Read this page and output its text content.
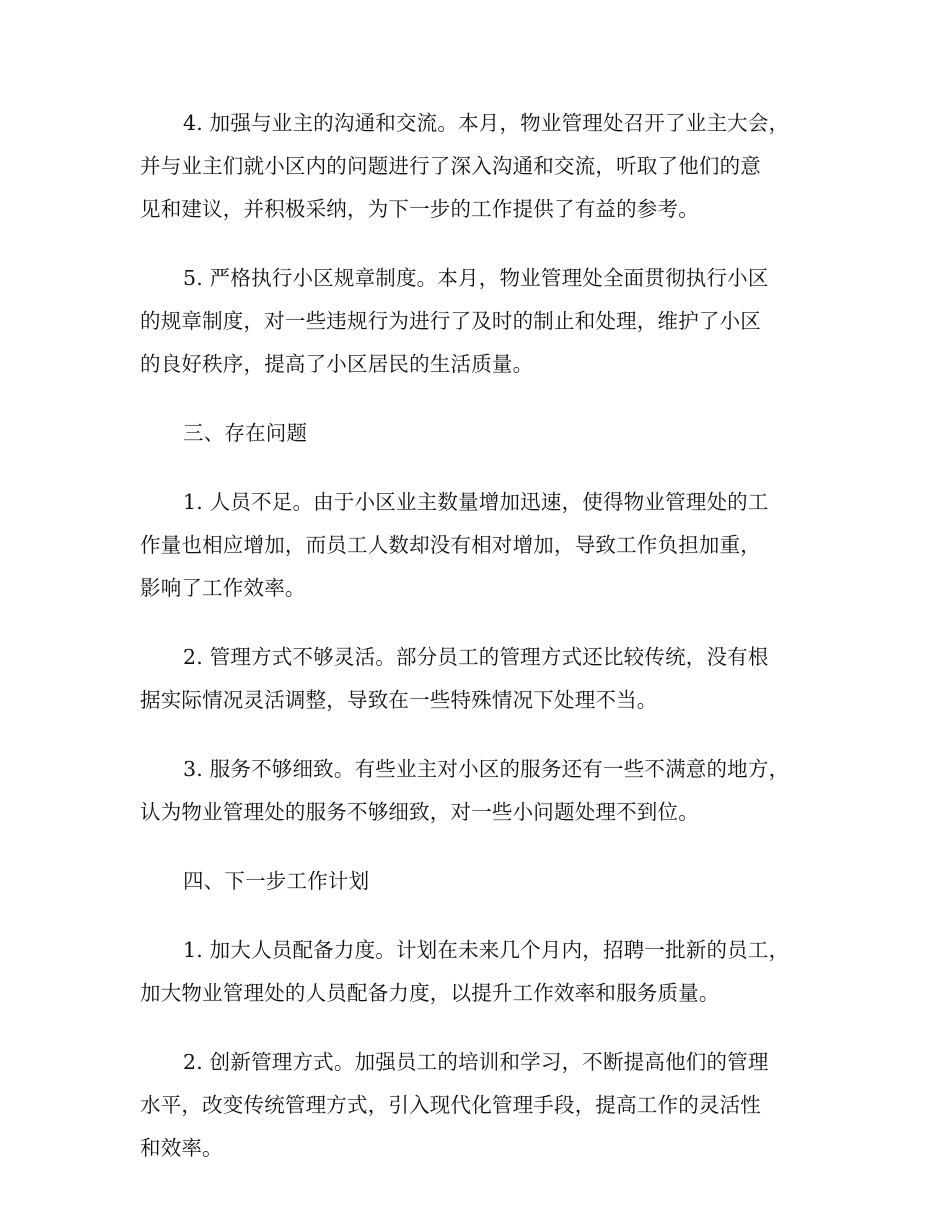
4. 加强与业主的沟通和交流。本月，物业管理处召开了业主大会，
并与业主们就小区内的问题进行了深入沟通和交流，听取了他们的意
见和建议，并积极采纳，为下一步的工作提供了有益的参考。
5. 严格执行小区规章制度。本月，物业管理处全面贯彻执行小区
的规章制度，对一些违规行为进行了及时的制止和处理，维护了小区
的良好秩序，提高了小区居民的生活质量。
三、存在问题
1. 人员不足。由于小区业主数量增加迅速，使得物业管理处的工
作量也相应增加，而员工人数却没有相对增加，导致工作负担加重，
影响了工作效率。
2. 管理方式不够灵活。部分员工的管理方式还比较传统，没有根
据实际情况灵活调整，导致在一些特殊情况下处理不当。
3. 服务不够细致。有些业主对小区的服务还有一些不满意的地方，
认为物业管理处的服务不够细致，对一些小问题处理不到位。
四、下一步工作计划
1. 加大人员配备力度。计划在未来几个月内，招聘一批新的员工，
加大物业管理处的人员配备力度，以提升工作效率和服务质量。
2. 创新管理方式。加强员工的培训和学习，不断提高他们的管理
水平，改变传统管理方式，引入现代化管理手段，提高工作的灵活性
和效率。
